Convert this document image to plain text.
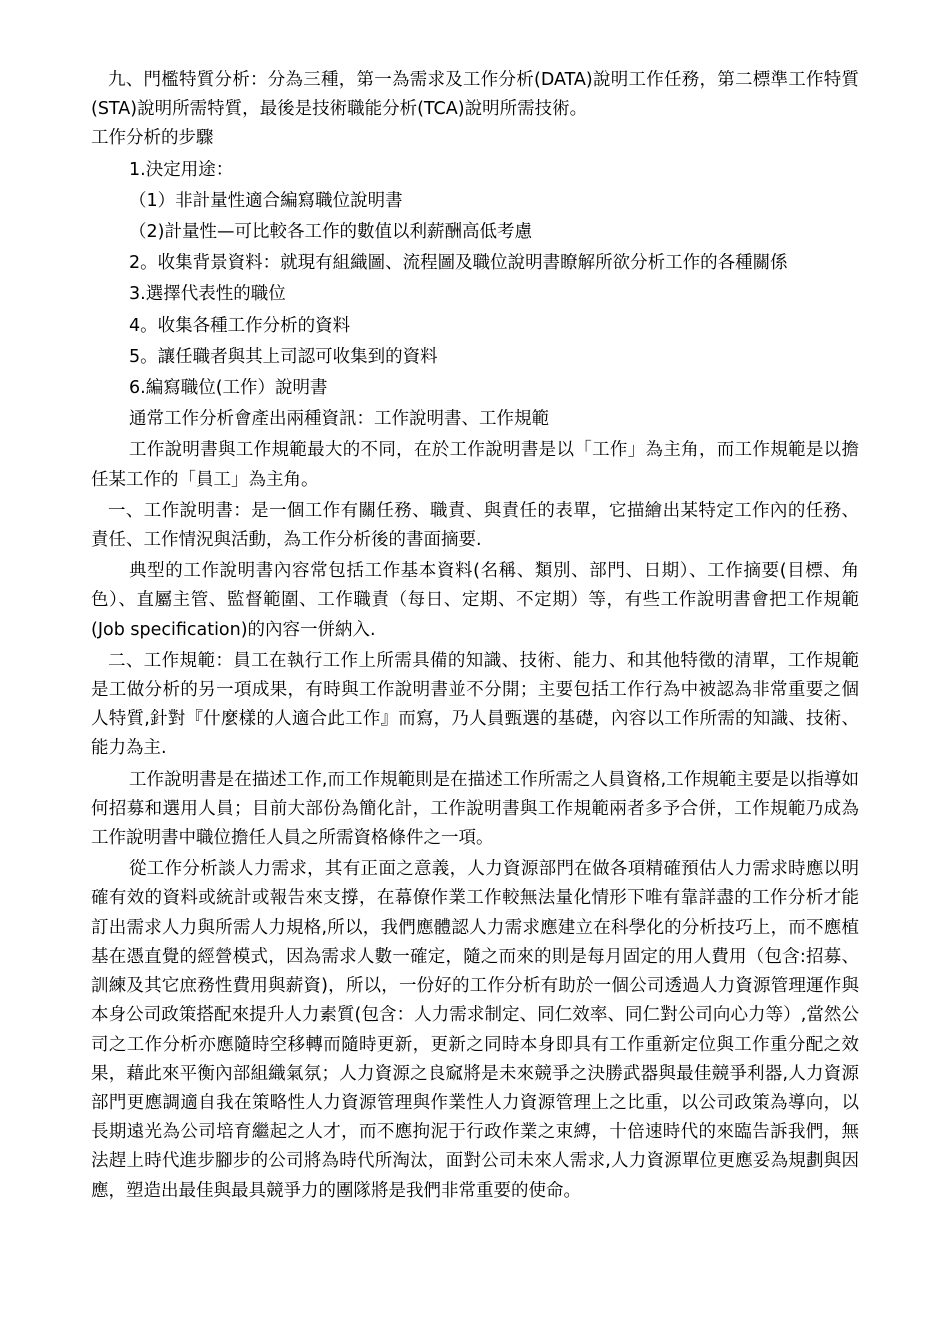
九、門檻特質分析：分為三種，第一為需求及工作分析(DATA)說明工作任務，第二標準工作特質(STA)說明所需特質，最後是技術職能分析(TCA)說明所需技術。

工作分析的步驟

1.決定用途：

（1）非計量性適合編寫職位說明書

（2)計量性—可比較各工作的數值以利薪酬高低考慮

2。收集背景資料：就現有組織圖、流程圖及職位說明書瞭解所欲分析工作的各種關係

3.選擇代表性的職位

4。收集各種工作分析的資料

5。讓任職者與其上司認可收集到的資料

6.編寫職位(工作）說明書

通常工作分析會產出兩種資訊：工作說明書、工作規範

工作說明書與工作規範最大的不同，在於工作說明書是以「工作」為主角，而工作規範是以擔任某工作的「員工」為主角。

一、工作說明書：是一個工作有關任務、職責、與責任的表單，它描繪出某特定工作內的任務、責任、工作情況與活動，為工作分析後的書面摘要.

典型的工作說明書內容常包括工作基本資料(名稱、類別、部門、日期）、工作摘要(目標、角色）、直屬主管、監督範圍、工作職責（每日、定期、不定期）等，有些工作說明書會把工作規範(Job specification)的內容一併納入.

二、工作規範：員工在執行工作上所需具備的知識、技術、能力、和其他特徵的清單，工作規範是工做分析的另一項成果，有時與工作說明書並不分開；主要包括工作行為中被認為非常重要之個人特質,針對『什麼樣的人適合此工作』而寫，乃人員甄選的基礎，內容以工作所需的知識、技術、能力為主.

工作說明書是在描述工作,而工作規範則是在描述工作所需之人員資格,工作規範主要是以指導如何招募和選用人員；目前大部份為簡化計，工作說明書與工作規範兩者多予合併，工作規範乃成為工作說明書中職位擔任人員之所需資格條件之一項。

從工作分析談人力需求，其有正面之意義，人力資源部門在做各項精確預估人力需求時應以明確有效的資料或統計或報告來支撐，在幕僚作業工作較無法量化情形下唯有靠詳盡的工作分析才能訂出需求人力與所需人力規格,所以，我們應體認人力需求應建立在科學化的分析技巧上，而不應植基在憑直覺的經營模式，因為需求人數一確定，隨之而來的則是每月固定的用人費用（包含:招募、訓練及其它庶務性費用與薪資)，所以，一份好的工作分析有助於一個公司透過人力資源管理運作與本身公司政策搭配來提升人力素質(包含：人力需求制定、同仁效率、同仁對公司向心力等）,當然公司之工作分析亦應隨時空移轉而隨時更新，更新之同時本身即具有工作重新定位與工作重分配之效果，藉此來平衡內部組織氣氛；人力資源之良窳將是未來競爭之決勝武器與最佳競爭利器,人力資源部門更應調適自我在策略性人力資源管理與作業性人力資源管理上之比重，以公司政策為導向，以長期遠光為公司培育繼起之人才，而不應拘泥于行政作業之束縛，十倍速時代的來臨告訴我們，無法趕上時代進步腳步的公司將為時代所淘汰，面對公司未來人需求,人力資源單位更應妥為規劃與因應，塑造出最佳與最具競爭力的團隊將是我們非常重要的使命。
